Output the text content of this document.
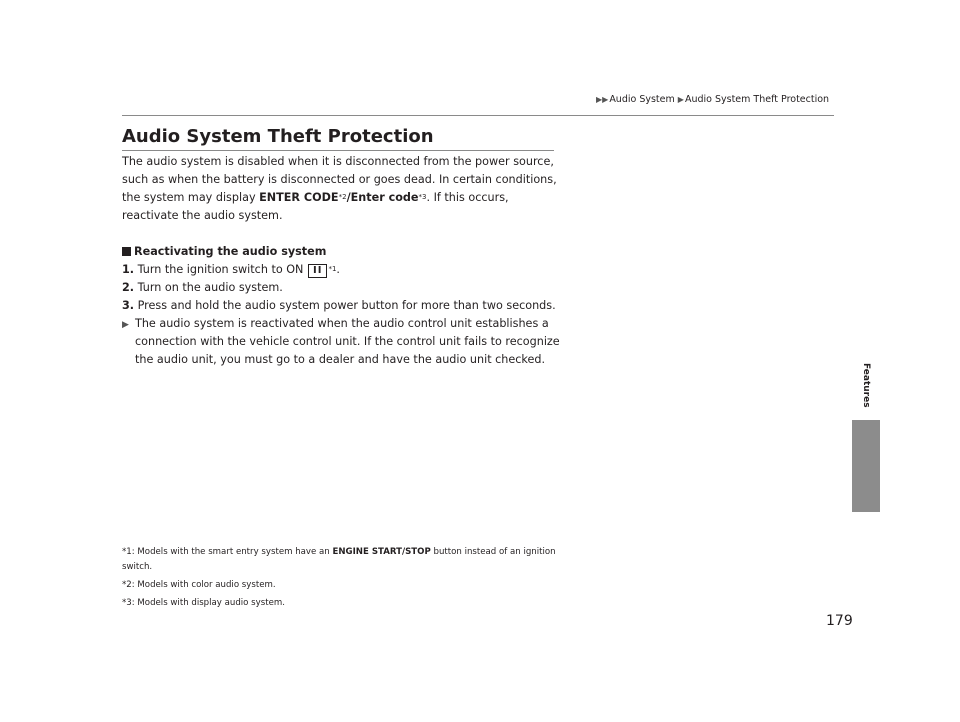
▶▶Audio System ▶Audio System Theft Protection
Features
Audio System Theft Protection

The audio system is disabled when it is disconnected from the power source, such as when the battery is disconnected or goes dead. In certain conditions, the system may display ENTER CODE$^{*2}$/Enter code$^{*3}$. If this occurs, reactivate the audio system.

Reactivating the audio system

1. Turn the ignition switch to ON II $^{*1}$.

2. Turn on the audio system.

3. Press and hold the audio system power button for more than two seconds.

▶ The audio system is reactivated when the audio control unit establishes a connection with the vehicle control unit. If the control unit fails to recognize the audio unit, you must go to a dealer and have the audio unit checked.

*1: Models with the smart entry system have an ENGINE START/STOP button instead of an ignition switch.

*2: Models with color audio system.

*3: Models with display audio system.

179
